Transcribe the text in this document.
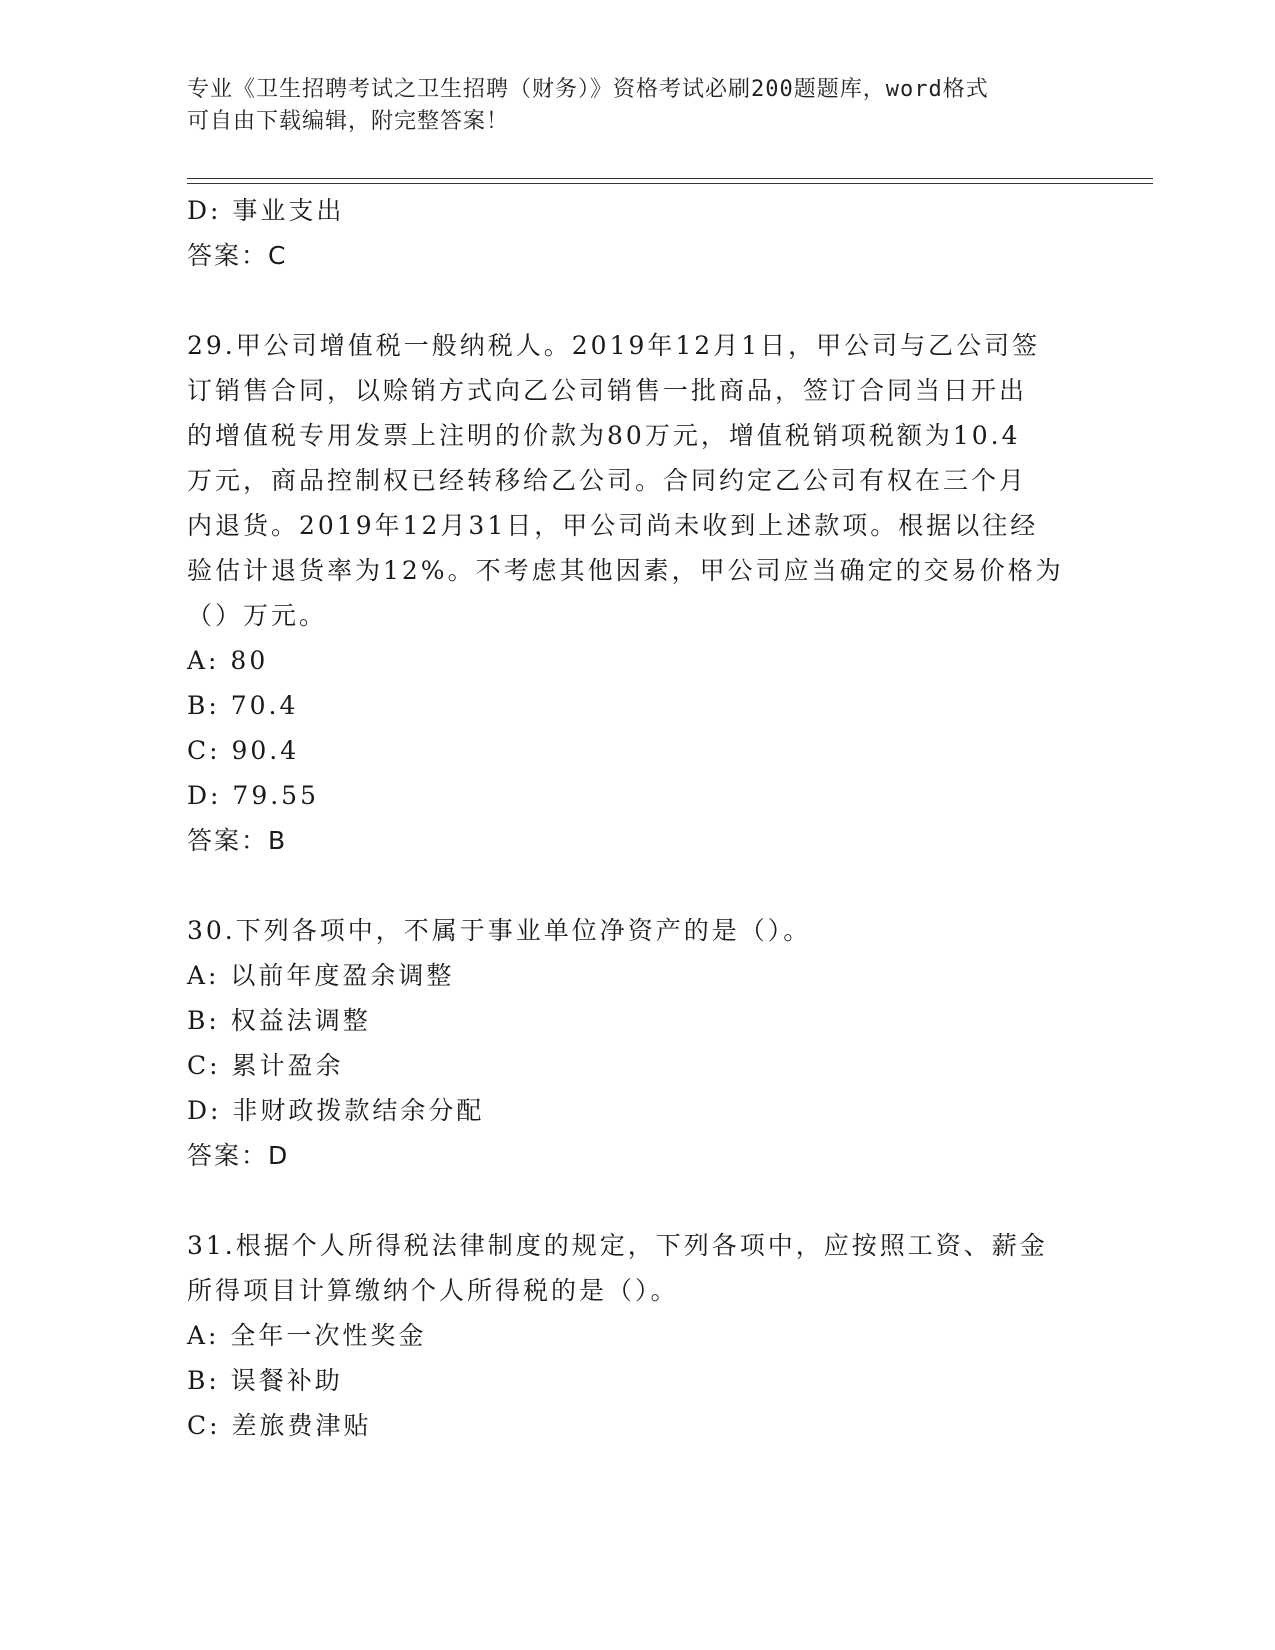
专业《卫生招聘考试之卫生招聘（财务）》资格考试必刷200题题库，word格式
可自由下载编辑，附完整答案！
D: 事业支出
答案：C
29.甲公司增值税一般纳税人。2019年12月1日，甲公司与乙公司签
订销售合同，以赊销方式向乙公司销售一批商品，签订合同当日开出
的增值税专用发票上注明的价款为80万元，增值税销项税额为10.4
万元，商品控制权已经转移给乙公司。合同约定乙公司有权在三个月
内退货。2019年12月31日，甲公司尚未收到上述款项。根据以往经
验估计退货率为12%。不考虑其他因素，甲公司应当确定的交易价格为
（）万元。
A: 80
B: 70.4
C: 90.4
D: 79.55
答案：B
30.下列各项中，不属于事业单位净资产的是（）。
A: 以前年度盈余调整
B: 权益法调整
C: 累计盈余
D: 非财政拨款结余分配
答案：D
31.根据个人所得税法律制度的规定，下列各项中，应按照工资、薪金
所得项目计算缴纳个人所得税的是（）。
A: 全年一次性奖金
B: 误餐补助
C: 差旅费津贴
